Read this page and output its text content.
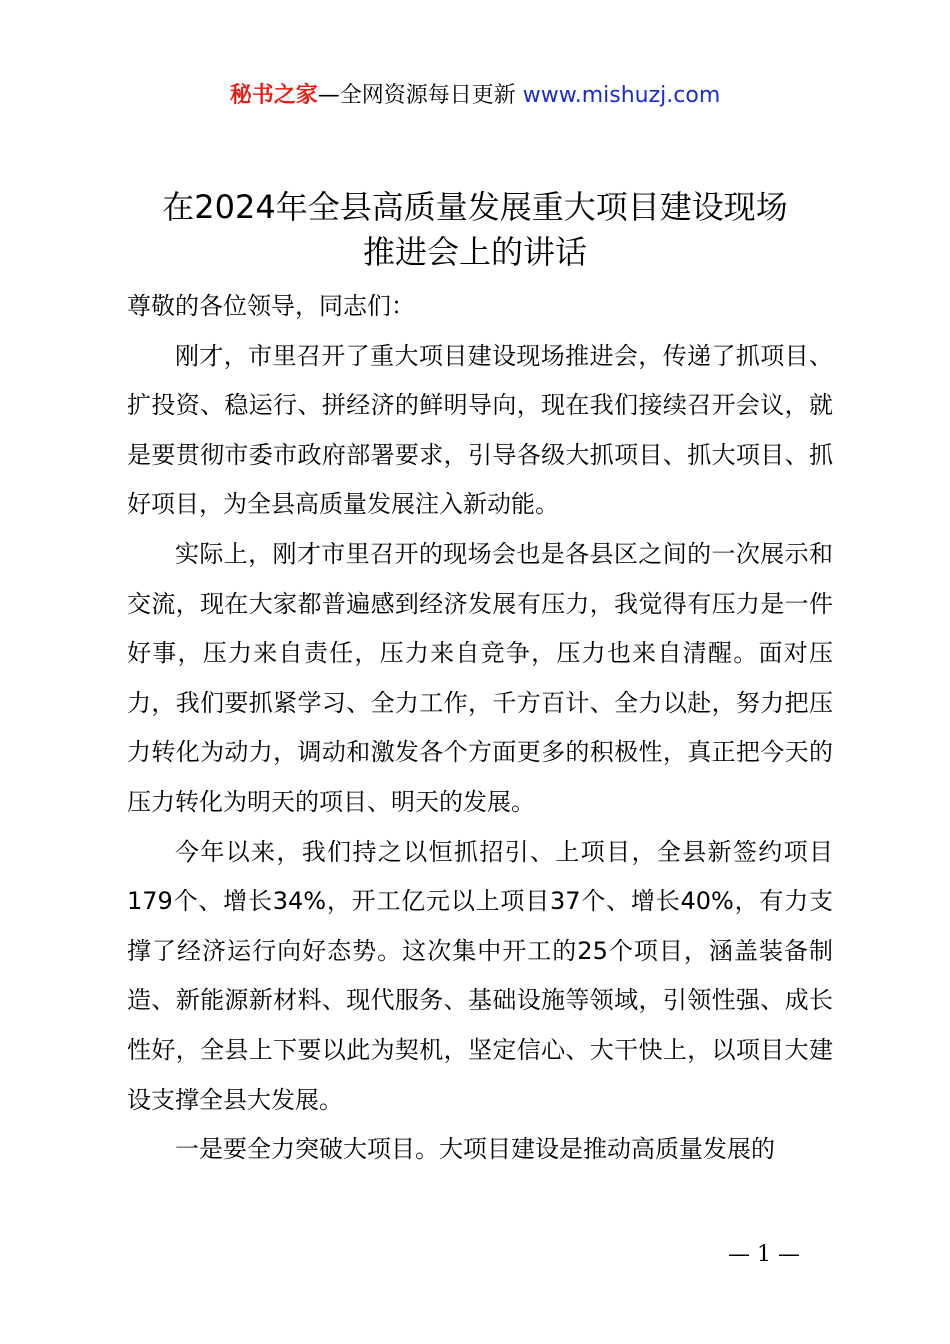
秘书之家—全网资源每日更新 www.mishuzj.com
在2024年全县高质量发展重大项目建设现场
推进会上的讲话

尊敬的各位领导，同志们：

刚才，市里召开了重大项目建设现场推进会，传递了抓项目、扩投资、稳运行、拼经济的鲜明导向，现在我们接续召开会议，就是要贯彻市委市政府部署要求，引导各级大抓项目、抓大项目、抓好项目，为全县高质量发展注入新动能。

实际上，刚才市里召开的现场会也是各县区之间的一次展示和交流，现在大家都普遍感到经济发展有压力，我觉得有压力是一件好事，压力来自责任，压力来自竞争，压力也来自清醒。面对压力，我们要抓紧学习、全力工作，千方百计、全力以赴，努力把压力转化为动力，调动和激发各个方面更多的积极性，真正把今天的压力转化为明天的项目、明天的发展。

今年以来，我们持之以恒抓招引、上项目，全县新签约项目179个、增长34%，开工亿元以上项目37个、增长40%，有力支撑了经济运行向好态势。这次集中开工的25个项目，涵盖装备制造、新能源新材料、现代服务、基础设施等领域，引领性强、成长性好，全县上下要以此为契机，坚定信心、大干快上，以项目大建设支撑全县大发展。

一是要全力突破大项目。大项目建设是推动高质量发展的

— 1 —
